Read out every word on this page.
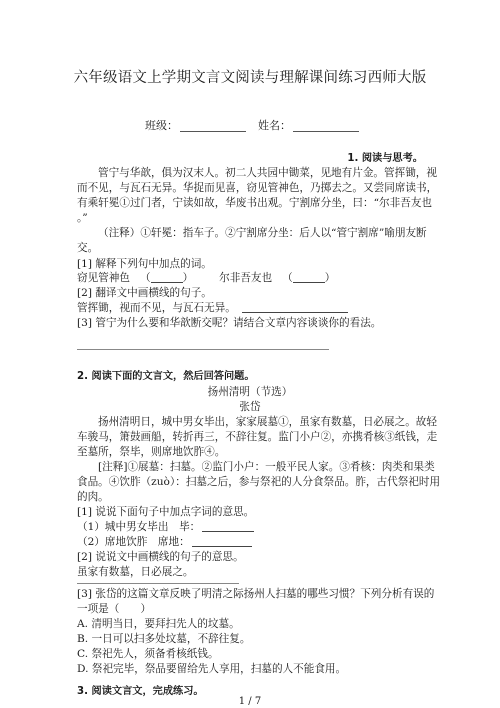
六年级语文上学期文言文阅读与理解课间练习西师大版
班级：	姓名：
1. 阅读与思考。
管宁与华歆，俱为汉末人。初二人共园中锄菜，见地有片金。管挥锄，视
而不见，与瓦石无异。华捉而见喜，窃见管神色，乃掷去之。又尝同席读书，
有乘轩冕①过门者，宁读如故，华废书出观。宁割席分坐，曰：“尔非吾友也
。”
（注释）①轩冕：指车子。②宁割席分坐：后人以“管宁割席”喻朋友断
交。
[1] 解释下列句中加点的词。
窃见管神色 （	） 尔非吾友也 （	）
[2] 翻译文中画横线的句子。
管挥锄，视而不见，与瓦石无异。
[3] 管宁为什么要和华歆断交呢？请结合文章内容谈谈你的看法。
2. 阅读下面的文言文，然后回答问题。
扬州清明（节选）
张岱
扬州清明日，城中男女毕出，家家展墓①，虽家有数墓，日必展之。故轻
车骏马，箫鼓画船，转折再三，不辞往复。监门小户②，亦携肴核③纸钱，走
至墓所，祭毕，则席地饮胙④。
[注释]①展墓：扫墓。②监门小户：一般平民人家。③肴核：肉类和果类
食品。④饮胙（zuò）：扫墓之后，参与祭祀的人分食祭品。胙，古代祭祀时用
的肉。
[1] 说说下面句子中加点字词的意思。
（1）城中男女毕出　毕：
（2）席地饮胙　席地：
[2] 说说文中画横线的句子的意思。
虽家有数墓，日必展之。
[3] 张岱的这篇文章反映了明清之际扬州人扫墓的哪些习惯？下列分析有误的
一项是（　　）
A. 清明当日，要拜扫先人的坟墓。
B. 一日可以扫多处坟墓，不辞往复。
C. 祭祀先人，须备肴核纸钱。
D. 祭祀完毕，祭品要留给先人享用，扫墓的人不能食用。
3. 阅读文言文，完成练习。
1 / 7
